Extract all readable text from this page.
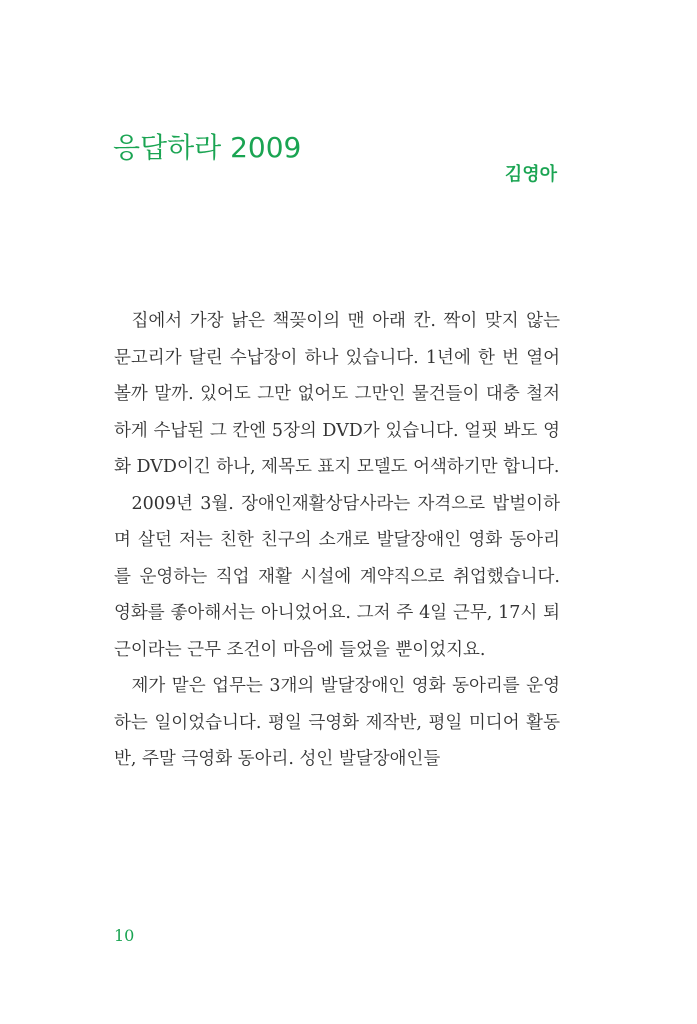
응답하라 2009
김영아

집에서 가장 낡은 책꽂이의 맨 아래 칸. 짝이 맞지 않는 문고리가 달린 수납장이 하나 있습니다. 1년에 한 번 열어 볼까 말까. 있어도 그만 없어도 그만인 물건들이 대충 철저하게 수납된 그 칸엔 5장의 DVD가 있습니다. 얼핏 봐도 영화 DVD이긴 하나, 제목도 표지 모델도 어색하기만 합니다.

2009년 3월. 장애인재활상담사라는 자격으로 밥벌이하며 살던 저는 친한 친구의 소개로 발달장애인 영화 동아리를 운영하는 직업 재활 시설에 계약직으로 취업했습니다. 영화를 좋아해서는 아니었어요. 그저 주 4일 근무, 17시 퇴근이라는 근무 조건이 마음에 들었을 뿐이었지요.

제가 맡은 업무는 3개의 발달장애인 영화 동아리를 운영하는 일이었습니다. 평일 극영화 제작반, 평일 미디어 활동반, 주말 극영화 동아리. 성인 발달장애인들

10
